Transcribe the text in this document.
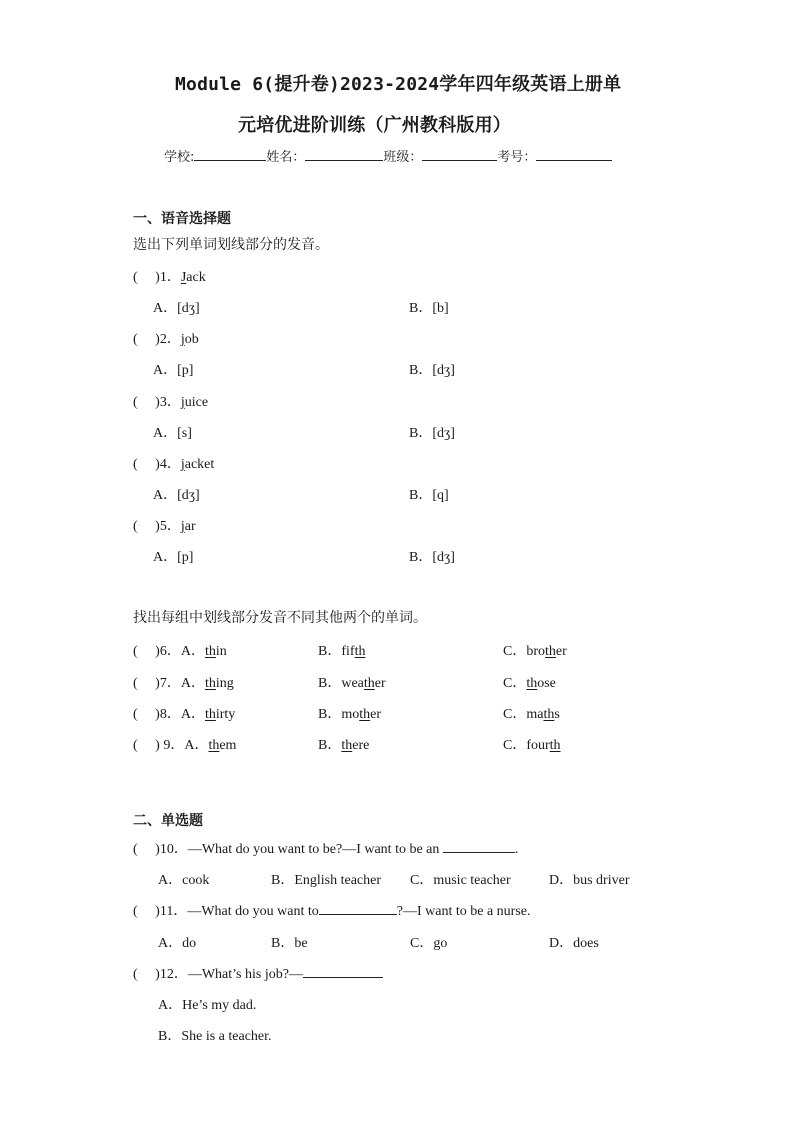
Module 6(提升卷)2023-2024学年四年级英语上册单
元培优进阶训练（广州教科版用）
学校:	姓名：	班级：	考号：
一、语音选择题
选出下列单词划线部分的发音。
( )1．Jack
A．[dʒ]	B．[b]
( )2．job
A．[p]	B．[dʒ]
( )3．juice
A．[s]	B．[dʒ]
( )4．jacket
A．[dʒ]	B．[q]
( )5．jar
A．[p]	B．[dʒ]
找出每组中划线部分发音不同其他两个的单词。
(     )6．A．thin	B．fifth	C．brother
(     )7．A．thing	B．weather	C．those
(     )8．A．thirty	B．mother	C．maths
(     ) 9．A．them	B．there	C．fourth
二、单选题
(     )10．—What do you want to be?—I want to be an	.
A．cook	B．English teacher C．music teacher	D．bus driver
(     )11．—What do you want to	?—I want to be a nurse.
A．do	B．be	C．go	D．does
(     )12．—What’s his job?—
A．He’s my dad.
B．She is a teacher.
